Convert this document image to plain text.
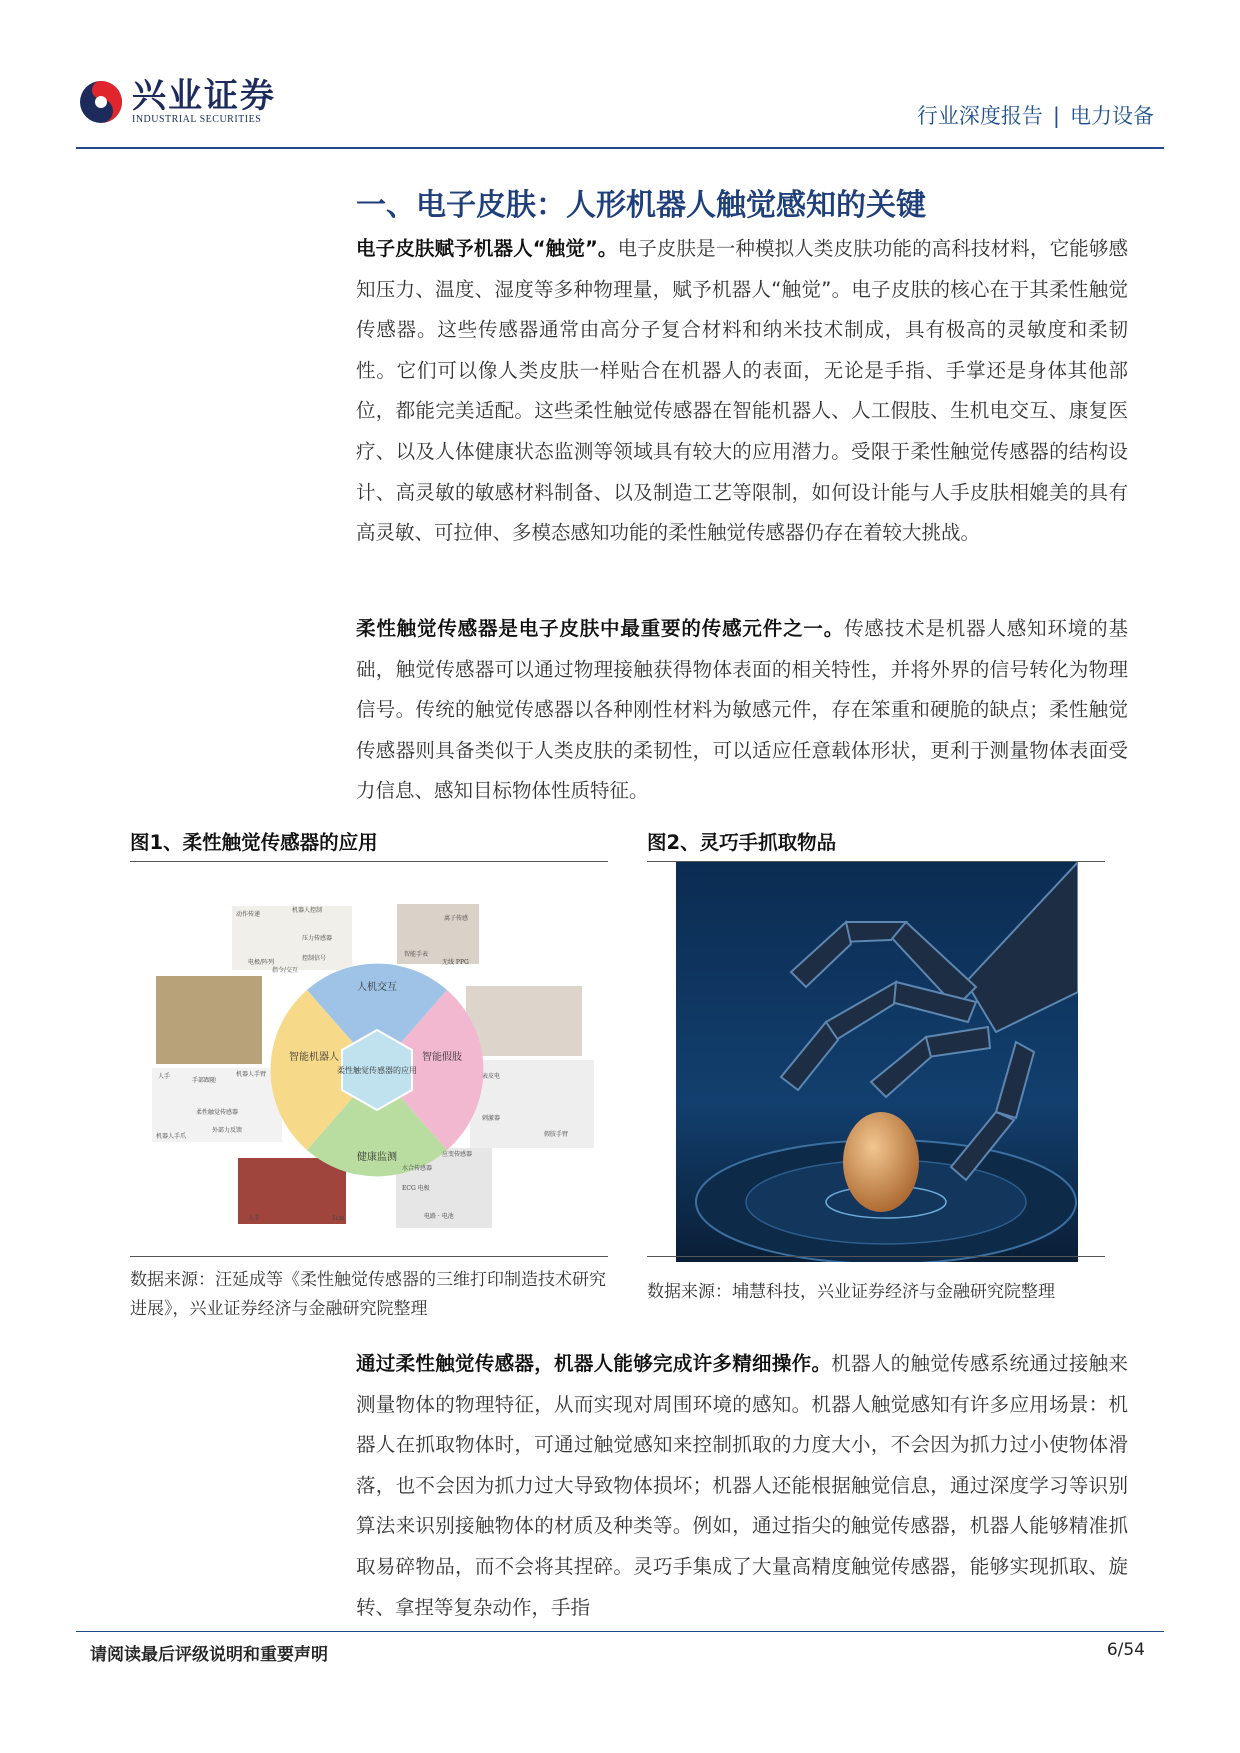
兴业证券
INDUSTRIAL SECURITIES	行业深度报告 | 电力设备
一、电子皮肤：人形机器人触觉感知的关键
电子皮肤赋予机器人“触觉”。电子皮肤是一种模拟人类皮肤功能的高科技材料，它能够感知压力、温度、湿度等多种物理量，赋予机器人“触觉”。电子皮肤的核心在于其柔性触觉传感器。这些传感器通常由高分子复合材料和纳米技术制成，具有极高的灵敏度和柔韧性。它们可以像人类皮肤一样贴合在机器人的表面，无论是手指、手掌还是身体其他部位，都能完美适配。这些柔性触觉传感器在智能机器人、人工假肢、生机电交互、康复医疗、以及人体健康状态监测等领域具有较大的应用潜力。受限于柔性触觉传感器的结构设计、高灵敏的敏感材料制备、以及制造工艺等限制，如何设计能与人手皮肤相媲美的具有高灵敏、可拉伸、多模态感知功能的柔性触觉传感器仍存在着较大挑战。
柔性触觉传感器是电子皮肤中最重要的传感元件之一。传感技术是机器人感知环境的基础，触觉传感器可以通过物理接触获得物体表面的相关特性，并将外界的信号转化为物理信号。传统的触觉传感器以各种刚性材料为敏感元件，存在笨重和硬脆的缺点；柔性触觉传感器则具备类似于人类皮肤的柔韧性，可以适应任意载体形状，更利于测量物体表面受力信息、感知目标物体性质特征。
图1、柔性触觉传感器的应用
人机交互
智能假肢
健康监测
智能机器人
柔性触觉传感器的应用
动作传递
机器人控制
电极/阵列
压力传感器
控制信号
指令/交互
智能手表
无线 PPG
离子传感
人手	机器人手臂
手部跟随
机器人手爪
柔性触觉传感器
外部力反馈
表皮电
刺激器
假肢手臂
应变传感器
水合传感器
ECG 电极
电路 · 电池
人手	1cm
数据来源：汪延成等《柔性触觉传感器的三维打印制造技术研究进展》，兴业证券经济与金融研究院整理
图2、灵巧手抓取物品
数据来源：埔慧科技，兴业证券经济与金融研究院整理
通过柔性触觉传感器，机器人能够完成许多精细操作。机器人的触觉传感系统通过接触来测量物体的物理特征，从而实现对周围环境的感知。机器人触觉感知有许多应用场景：机器人在抓取物体时，可通过触觉感知来控制抓取的力度大小，不会因为抓力过小使物体滑落，也不会因为抓力过大导致物体损坏；机器人还能根据触觉信息，通过深度学习等识别算法来识别接触物体的材质及种类等。例如，通过指尖的触觉传感器，机器人能够精准抓取易碎物品，而不会将其捏碎。灵巧手集成了大量高精度触觉传感器，能够实现抓取、旋转、拿捏等复杂动作，手指
请阅读最后评级说明和重要声明	6/54
